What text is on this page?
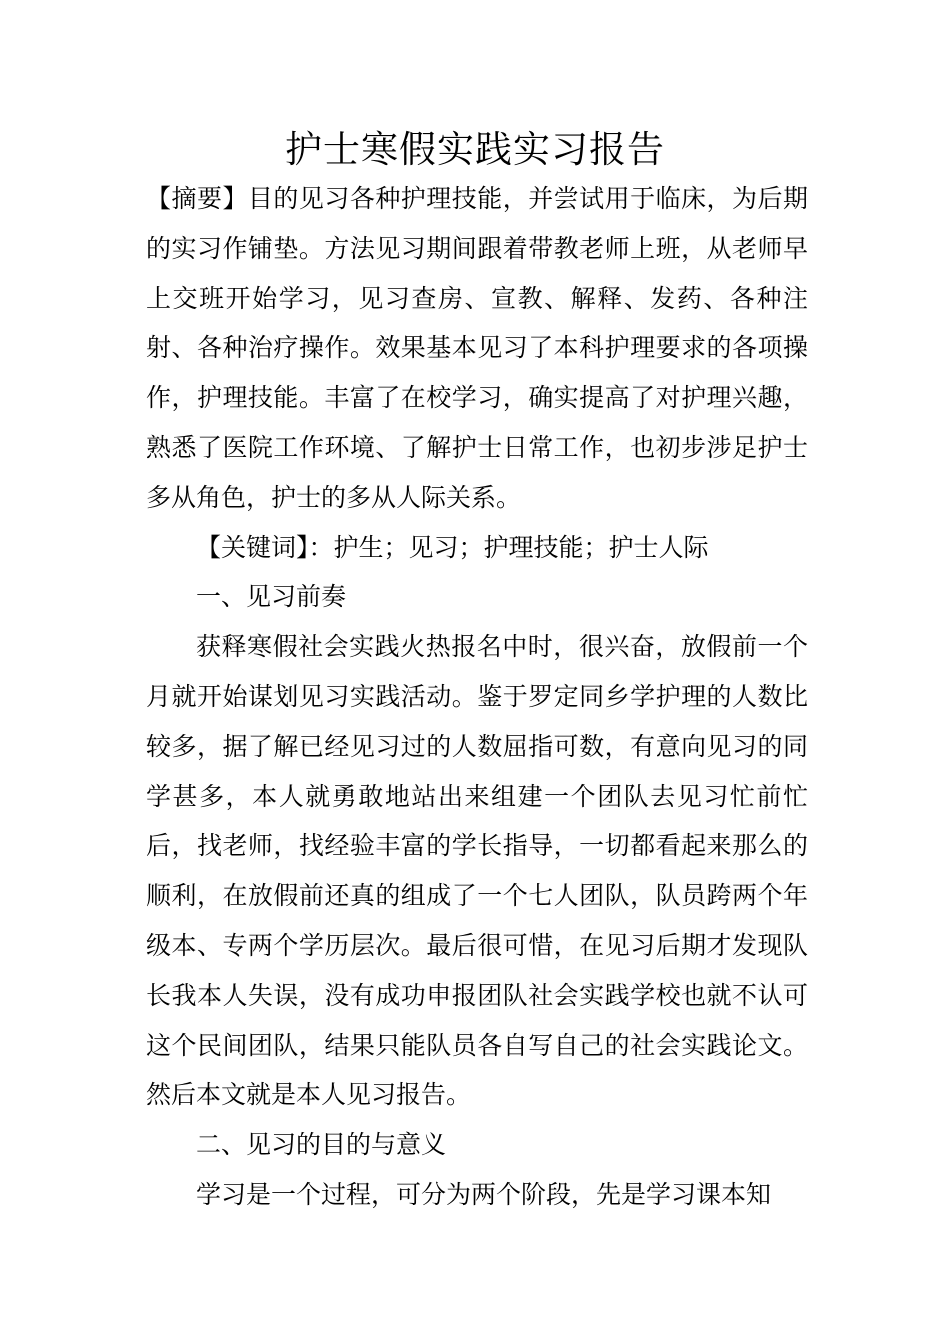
护士寒假实践实习报告

【摘要】目的见习各种护理技能，并尝试用于临床，为后期的实习作铺垫。方法见习期间跟着带教老师上班，从老师早上交班开始学习，见习查房、宣教、解释、发药、各种注射、各种治疗操作。效果基本见习了本科护理要求的各项操作，护理技能。丰富了在校学习，确实提高了对护理兴趣，熟悉了医院工作环境、了解护士日常工作，也初步涉足护士多从角色，护士的多从人际关系。

【关键词】：护生；见习；护理技能；护士人际

一、见习前奏

获释寒假社会实践火热报名中时，很兴奋，放假前一个月就开始谋划见习实践活动。鉴于罗定同乡学护理的人数比较多，据了解已经见习过的人数屈指可数，有意向见习的同学甚多，本人就勇敢地站出来组建一个团队去见习忙前忙后，找老师，找经验丰富的学长指导，一切都看起来那么的顺利，在放假前还真的组成了一个七人团队，队员跨两个年级本、专两个学历层次。最后很可惜，在见习后期才发现队长我本人失误，没有成功申报团队社会实践学校也就不认可这个民间团队，结果只能队员各自写自己的社会实践论文。然后本文就是本人见习报告。

二、见习的目的与意义

学习是一个过程，可分为两个阶段，先是学习课本知
